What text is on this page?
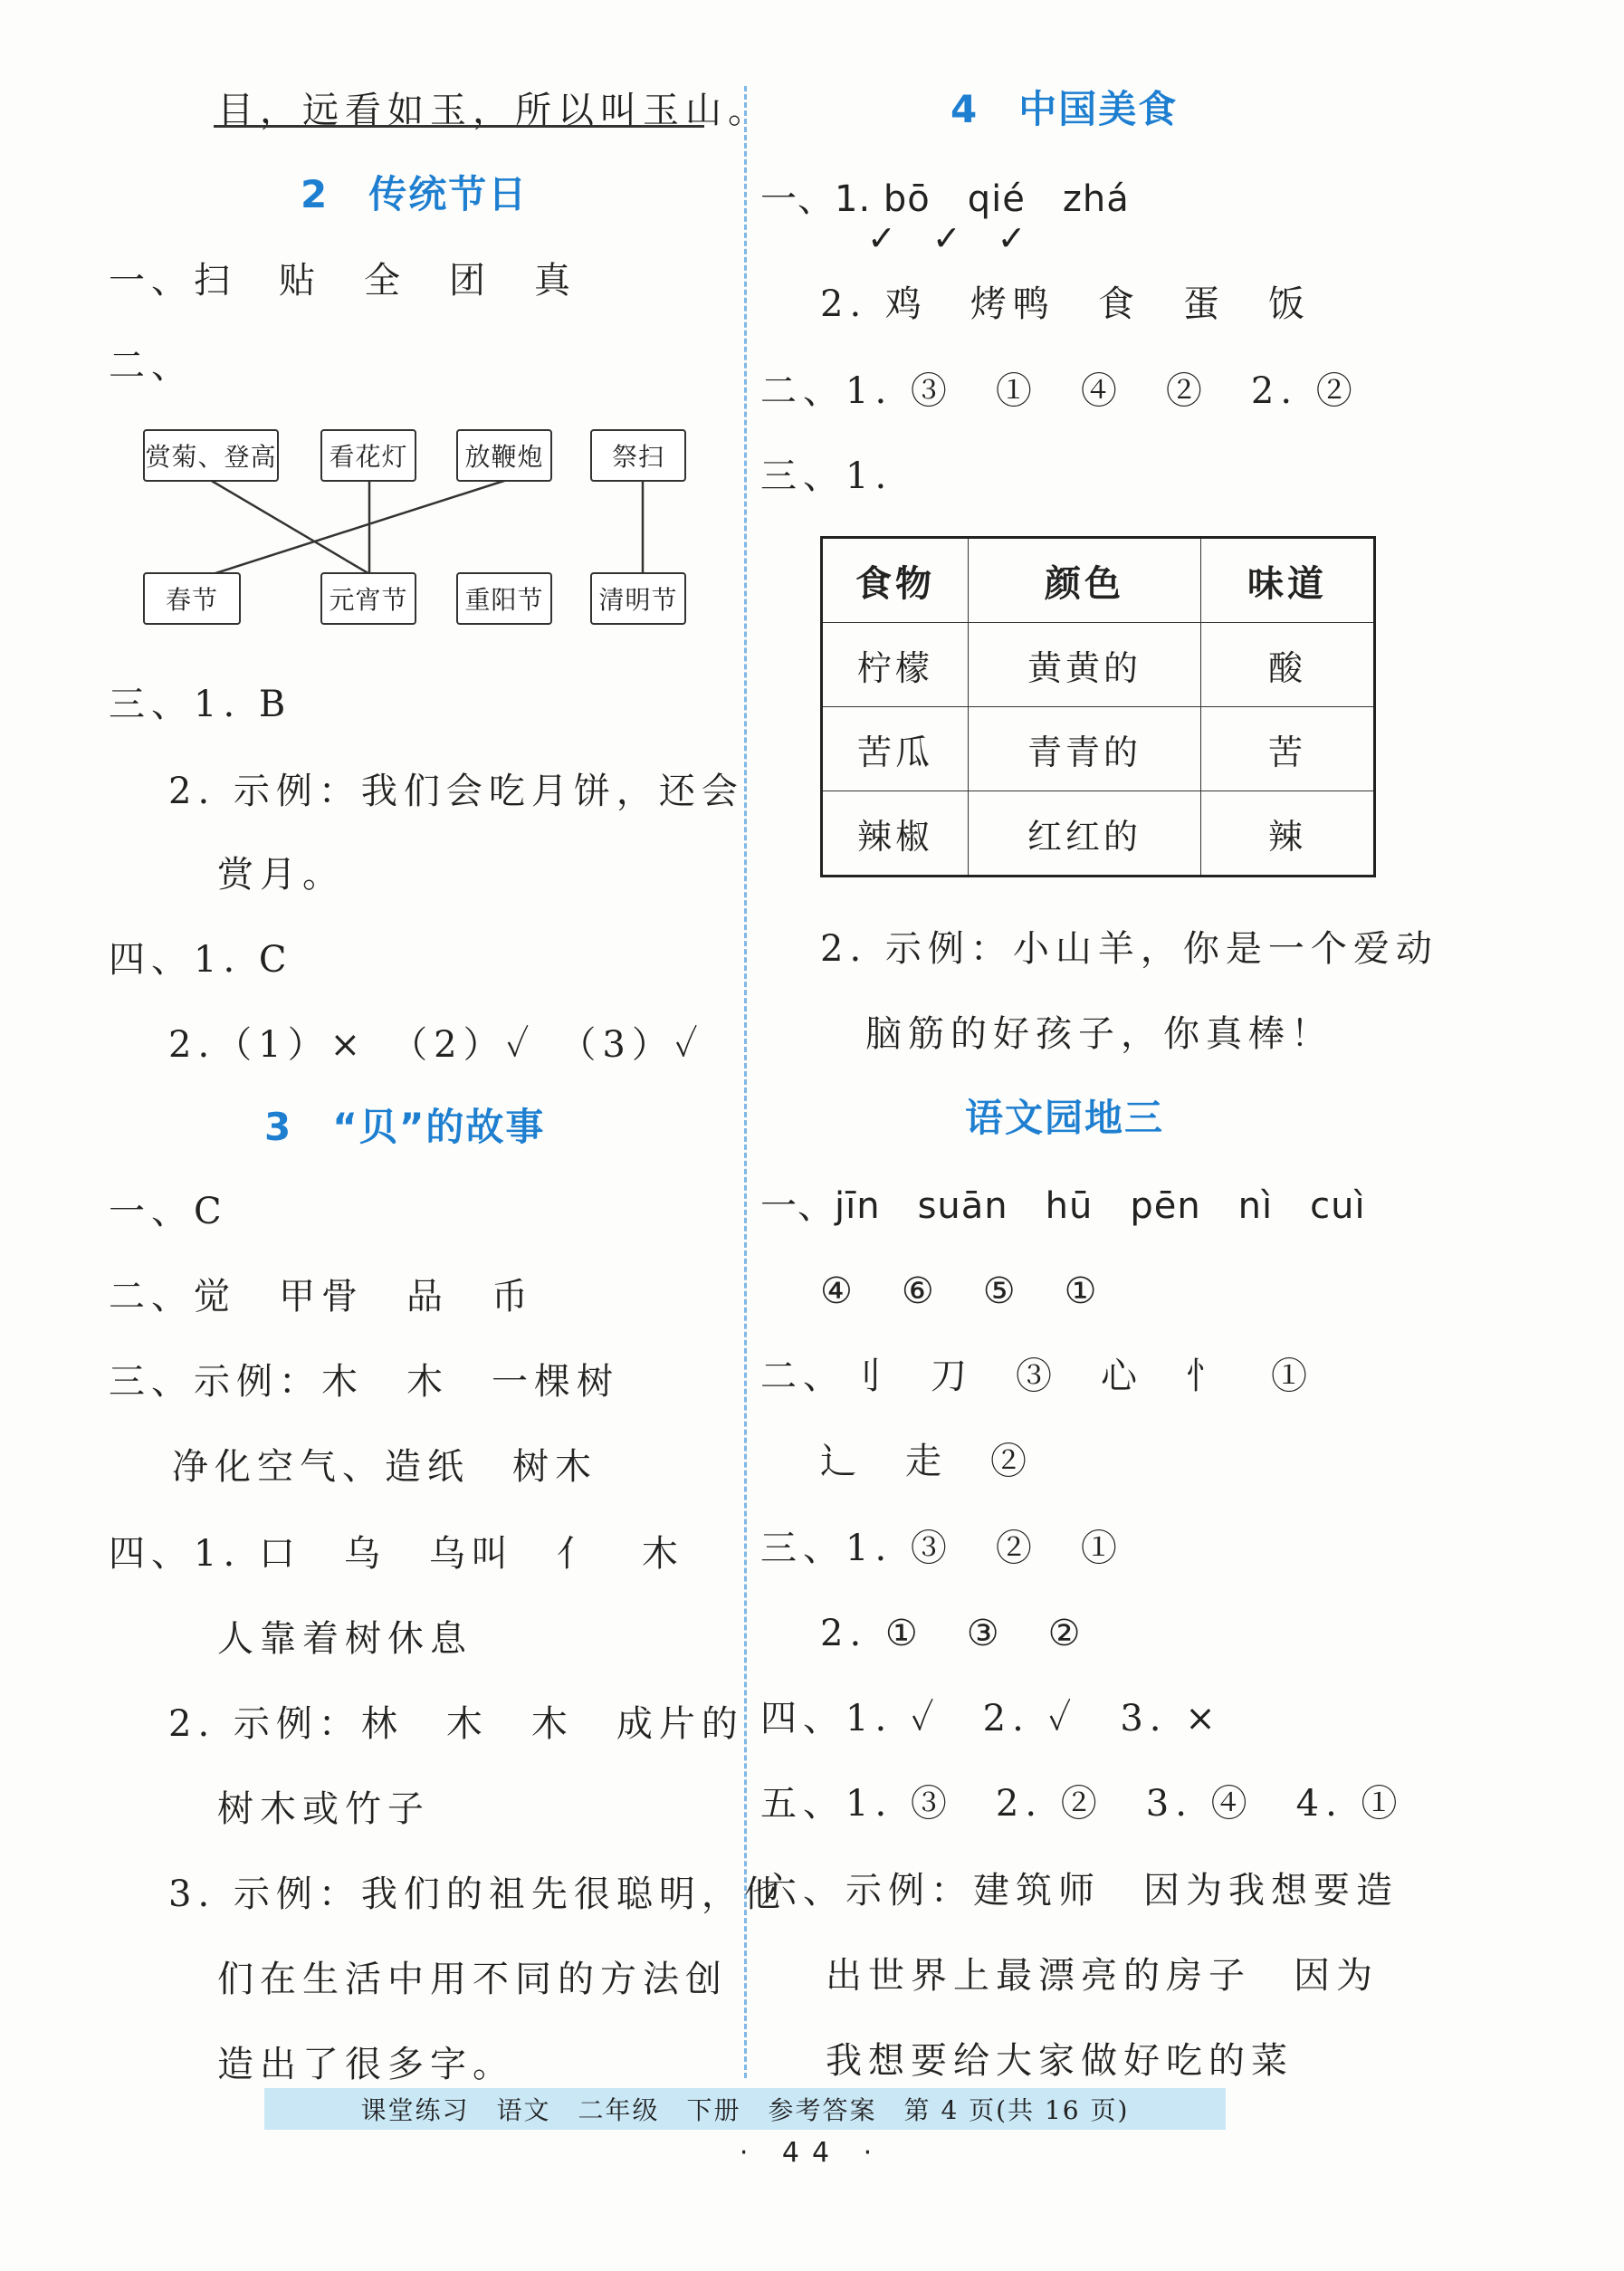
目，远看如玉，所以叫玉山。
2　传统节日
一、扫　贴　全　团　真
二、
赏菊、登高	看花灯	放鞭炮	祭扫
春节	元宵节	重阳节	清明节
三、1. B
2. 示例：我们会吃月饼，还会
赏月。
四、1. C
2.（1）×　（2）✓　（3）✓
3　“贝”的故事
一、C
二、觉　甲骨　品　币
三、示例：木　木　一棵树
净化空气、造纸　树木
四、1. 口　乌　乌叫　亻　木
人靠着树休息
2. 示例：林　木　木　成片的
树木或竹子
3. 示例：我们的祖先很聪明，他
们在生活中用不同的方法创
造出了很多字。
4　中国美食
一、1. bō　qié　zhá
✓　✓　✓
2. 鸡　烤鸭　食　蛋　饭
二、1. ③　①　④　②　2. ②
三、1.
食物	颜色	味道
柠檬	黄黄的	酸
苦瓜	青青的	苦
辣椒	红红的	辣
2. 示例：小山羊，你是一个爱动
脑筋的好孩子，你真棒！
语文园地三
一、jīn　suān　hū　pēn　nì　cuì
④　⑥　⑤　①
二、刂　刀　③　心　忄　①
辶　走　②
三、1. ③　②　①
2. ①　③　②
四、1. ✓　2. ✓　3. ×
五、1. ③　2. ②　3. ④　4. ①
六、示例：建筑师　因为我想要造
出世界上最漂亮的房子　因为
我想要给大家做好吃的菜
课堂练习　语文　二年级　下册　参考答案　第 4 页(共 16 页)
· 44 ·
